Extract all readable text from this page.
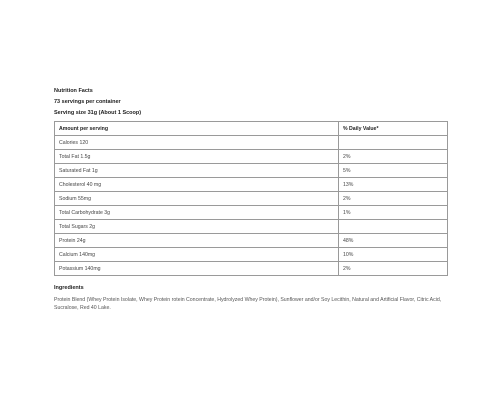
Nutrition Facts
73 servings per container
Serving size 31g (About 1 Scoop)
Amount per serving	% Daily Value*
Calories 120	
Total Fat 1.5g	2%
Saturated Fat 1g	5%
Cholesterol 40 mg	13%
Sodium 55mg	2%
Total Carbohydrate 3g	1%
Total Sugars 2g	
Protein 24g	48%
Calcium 140mg	10%
Potassium 140mg	2%
Ingredients
Protein Blend (Whey Protein Isolate, Whey Protein rotein Concentrate, Hydrolyzed Whey Protein), Sunflower and/or Soy Lecithin, Natural and Artificial Flavor, Citric Acid, Sucralose, Red 40 Lake.
